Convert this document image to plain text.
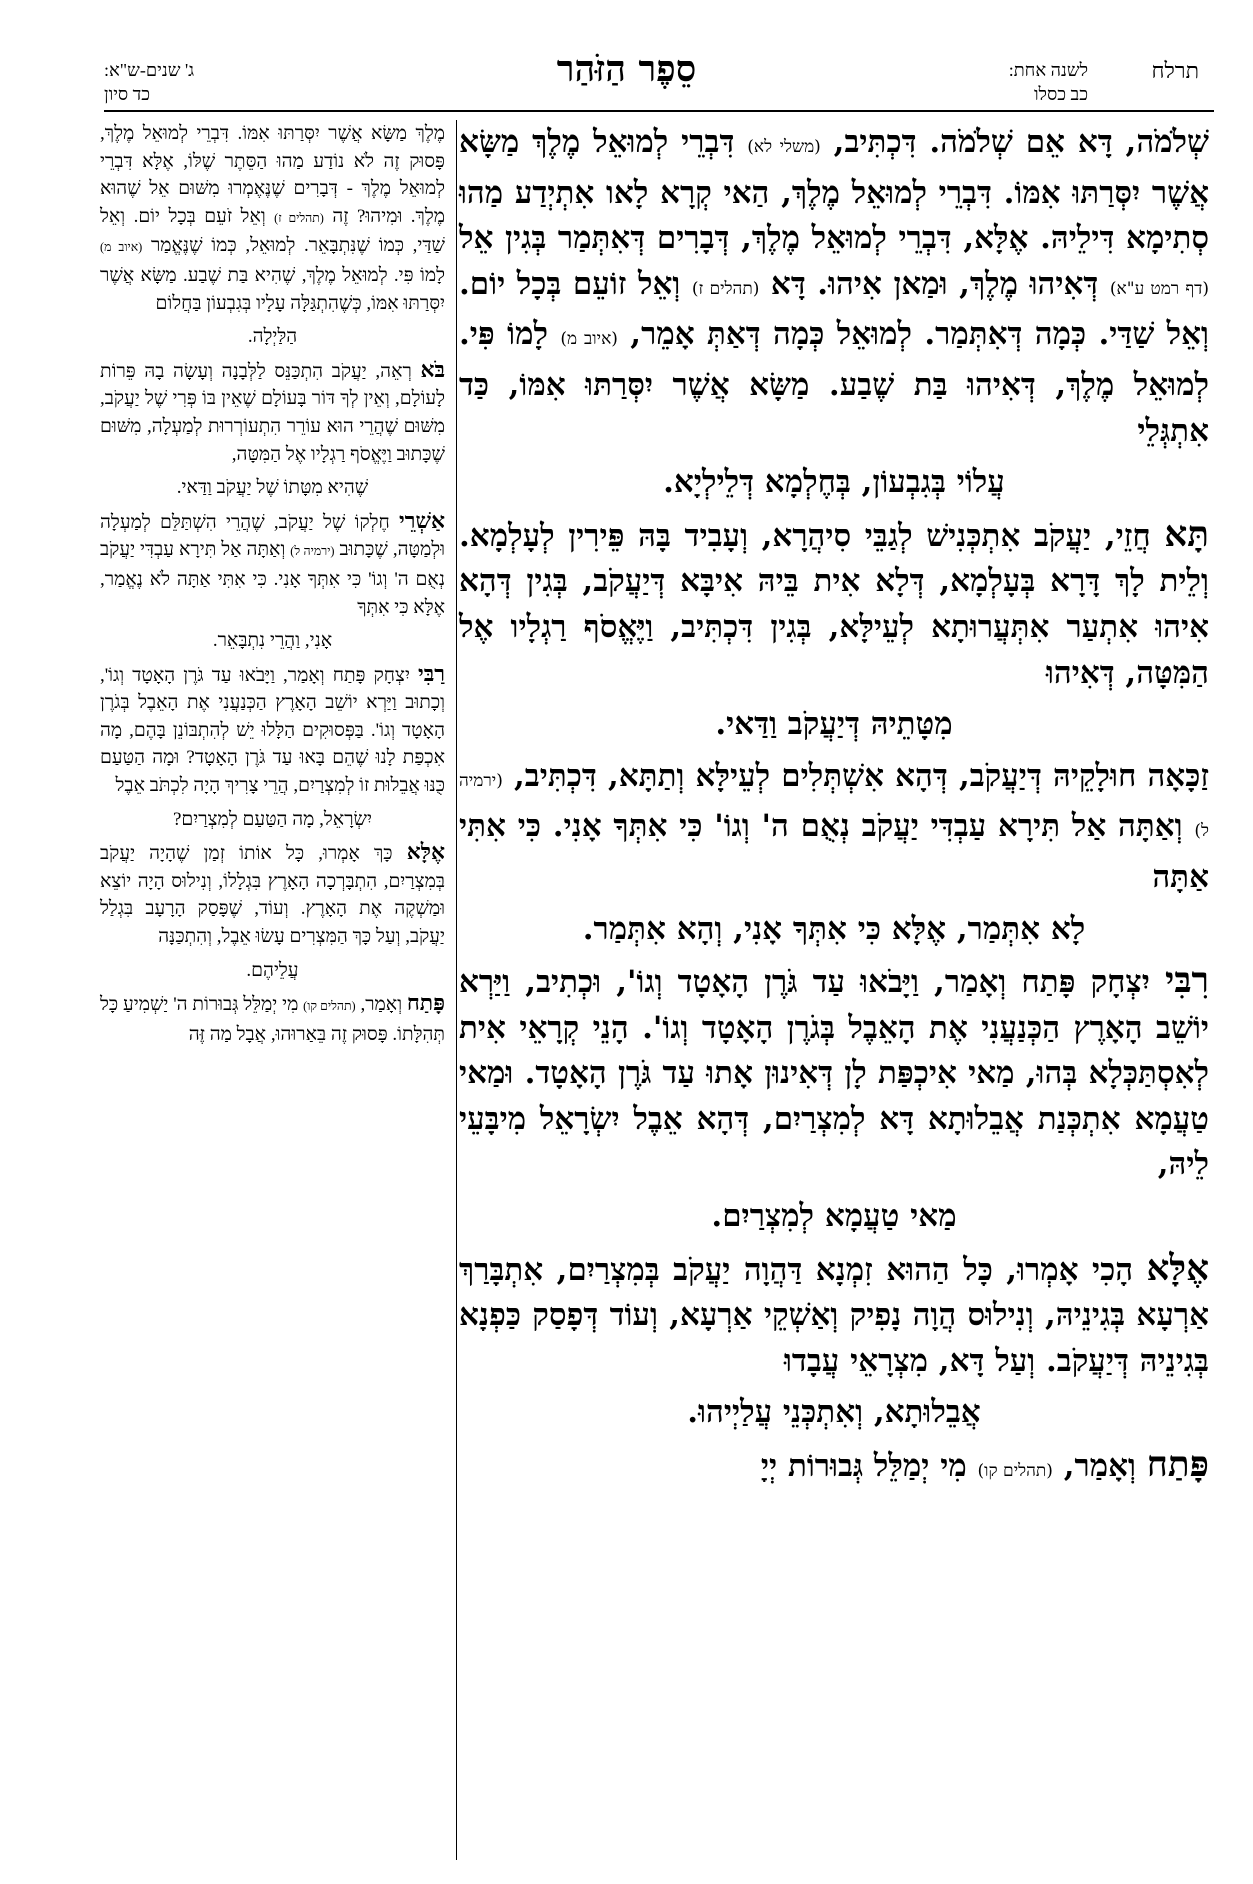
תרלח
לשנה אחת:
כב כסלו
סֵפֶר הַזֹּהַר
ג' שנים-ש"א:
כד סיון

שְׁלֹמֹה, דָּא אֵם שְׁלֹמֹה. דִּכְתִּיב, (משלי לא) דִּבְרֵי לְמוּאֵל מֶלֶךְ מַשָּׂא אֲשֶׁר יִסְּרַתּוּ אִמּוֹ. דִּבְרֵי לְמוּאֵל מֶלֶךְ, הַאי קְרָא לָאו אִתְיְדַע מַהוּ סְתִימָא דִּילֵיהּ. אֶלָּא, דִּבְרֵי לְמוּאֵל מֶלֶךְ, דְּבָרִים דְּאִתְּמַר בְּגִין אֵל (דף רמט ע"א) דְּאִיהוּ מֶלֶךְ, וּמַאן אִיהוּ. דָּא (תהלים ז) וְאֵל זוֹעֵם בְּכָל יוֹם. וְאֵל שַׁדַּי. כְּמָה דְּאִתְּמַר. לְמוּאֵל כְּמָה דְּאַתְּ אָמֵר, (איוב מ) לָמוֹ פִּי. לְמוּאֵל מֶלֶךְ, דְּאִיהוּ בַּת שֶׁבַע. מַשָּׂא אֲשֶׁר יִסְּרַתּוּ אִמּוֹ, כַּד אִתְגְּלֵי

עֲלוֹי בְּגִבְעוֹן, בְּחֶלְמָא דְּלֵילְיָא.

תָּא חֲזֵי, יַעֲקֹב אִתְכְּנִישׁ לְגַבֵּי סִיהֲרָא, וְעָבִיד בָּהּ פֵּירִין לְעָלְמָא. וְלֵית לָךְ דָּרָא בְּעָלְמָא, דְּלָא אִית בֵּיהּ אִיבָּא דְּיַעֲקֹב, בְּגִין דְּהָא אִיהוּ אִתְעַר אִתְּעֲרוּתָא לְעֵילָּא, בְּגִין דִּכְתִּיב, וַיֶּאֱסֹף רַגְלָיו אֶל הַמִּטָּה, דְּאִיהוּ

מִטָּתֵיהּ דְּיַעֲקֹב וַדַּאי.

זַכָּאָה חוּלָקֵיהּ דְּיַעֲקֹב, דְּהָא אִשְׁתְּלִים לְעֵילָּא וְתַתָּא, דִּכְתִּיב, (ירמיה ל) וְאַתָּה אַל תִּירָא עַבְדִּי יַעֲקֹב נְאֻם ה' וְגוֹ' כִּי אִתְּךָ אָנִי. כִּי אִתִּי אַתָּה

לָא אִתְּמַר, אֶלָּא כִּי אִתְּךָ אָנִי, וְהָא אִתְּמַר.

רִבִּי יִצְחָק פָּתַח וְאָמַר, וַיָּבֹאוּ עַד גֹּרֶן הָאָטָד וְגוֹ', וּכְתִיב, וַיַּרְא יוֹשֵׁב הָאָרֶץ הַכְּנַעֲנִי אֶת הָאֵבֶל בְּגֹרֶן הָאָטָד וְגוֹ'. הָנֵי קְרָאֵי אִית לְאִסְתַּכְּלָא בְּהוּ, מַאי אִיכְפַּת לָן דְּאִינוּן אָתוּ עַד גֹּרֶן הָאָטָד. וּמַאי טַעֲמָא אִתְכְּנַת אֲבֵלוּתָא דָּא לְמִצְרַיִם, דְּהָא אֵבֶל יִשְׂרָאֵל מִיבָּעֵי לֵיהּ,

מַאי טַעֲמָא לְמִצְרַיִם.

אֶלָּא הָכִי אָמְרוּ, כָּל הַהוּא זִמְנָא דַּהֲוָה יַעֲקֹב בְּמִצְרַיִם, אִתְבָּרַךְ אַרְעָא בְּגִינֵיהּ, וְנִילוּס הֲוָה נָפִיק וְאַשְׁקֵי אַרְעָא, וְעוֹד דְּפָסַק כַּפְנָא בְּגִינֵיהּ דְּיַעֲקֹב. וְעַל דָּא, מִצְרָאֵי עֲבָדוּ

אֲבֵלוּתָא, וְאִתְכְּנֵי עֲלַיְיהוּ.

פָּתַח וְאָמַר, (תהלים קו) מִי יְמַלֵּל גְּבוּרוֹת יְיָ

מֶלֶךְ מַשָּׂא אֲשֶׁר יִסְּרַתּוּ אִמּוֹ. דִּבְרֵי לְמוּאֵל מֶלֶךְ, פָּסוּק זֶה לֹא נוֹדַע מַהוּ הַסֵּתֶר שֶׁלּוֹ, אֶלָּא דִּבְרֵי לְמוּאֵל מֶלֶךְ - דְּבָרִים שֶׁנֶּאֶמְרוּ מִשּׁוּם אֵל שֶׁהוּא מֶלֶךְ. וּמִיהוּ? זֶה (תהלים ז) וְאֵל זֹעֵם בְּכָל יוֹם. וְאֵל שַׁדַּי, כְּמוֹ שֶׁנִּתְבָּאֵר. לְמוּאֵל, כְּמוֹ שֶׁנֶּאֱמַר (איוב מ) לָמוֹ פִּי. לְמוּאֵל מֶלֶךְ, שֶׁהִיא בַּת שֶׁבַע. מַשָּׂא אֲשֶׁר יִסְּרַתּוּ אִמּוֹ, כְּשֶׁהִתְגַּלָּה עָלָיו בְּגִבְעוֹן בַּחֲלוֹם

הַלַּיְלָה.

בֹּא רְאֵה, יַעֲקֹב הִתְכַּנֵּס לַלְּבָנָה וְעָשָׂה בָהּ פֵּרוֹת לָעוֹלָם, וְאֵין לְךָ דּוֹר בָּעוֹלָם שֶׁאֵין בּוֹ פְּרִי שֶׁל יַעֲקֹב, מִשּׁוּם שֶׁהֲרֵי הוּא עוֹרֵר הִתְעוֹרְרוּת לְמַעְלָה, מִשּׁוּם שֶׁכָּתוּב וַיֶּאֱסֹף רַגְלָיו אֶל הַמִּטָּה,

שֶׁהִיא מִטָּתוֹ שֶׁל יַעֲקֹב וַדַּאי.

אַשְׁרֵי חֶלְקוֹ שֶׁל יַעֲקֹב, שֶׁהֲרֵי הִשְׁתַּלֵּם לְמַעְלָה וּלְמַטָּה, שֶׁכָּתוּב (ירמיה ל) וְאַתָּה אַל תִּירָא עַבְדִּי יַעֲקֹב נְאֻם ה' וְגוֹ' כִּי אִתְּךָ אָנִי. כִּי אִתִּי אַתָּה לֹא נֶאֱמַר, אֶלָּא כִּי אִתְּךָ

אָנִי, וַהֲרֵי נִתְבָּאֵר.

רַבִּי יִצְחָק פָּתַח וְאָמַר, וַיָּבֹאוּ עַד גֹּרֶן הָאָטָד וְגוֹ', וְכָתוּב וַיַּרְא יוֹשֵׁב הָאָרֶץ הַכְּנַעֲנִי אֶת הָאֵבֶל בְּגֹרֶן הָאָטָד וְגוֹ'. בַּפְּסוּקִים הַלָּלוּ יֵשׁ לְהִתְבּוֹנֵן בָּהֶם, מָה אִכְפַּת לָנוּ שֶׁהֵם בָּאוּ עַד גֹּרֶן הָאָטָד? וּמָה הַטַּעַם כֻּנּוּ אֲבֵלוּת זוֹ לְמִצְרַיִם, הֲרֵי צָרִיךְ הָיָה לִכְתֹּב אֵבֶל

יִשְׂרָאֵל, מָה הַטַּעַם לְמִצְרַיִם?

אֶלָּא כָּךְ אָמְרוּ, כָּל אוֹתוֹ זְמַן שֶׁהָיָה יַעֲקֹב בְּמִצְרַיִם, הִתְבָּרְכָה הָאָרֶץ בִּגְלָלוֹ, וְנִילוּס הָיָה יוֹצֵא וּמַשְׁקֶה אֶת הָאָרֶץ. וְעוֹד, שֶׁפָּסַק הָרָעָב בִּגְלַל יַעֲקֹב, וְעַל כָּךְ הַמִּצְרִים עָשׂוּ אֵבֶל, וְהִתְכַּנָּה

עֲלֵיהֶם.

פָּתַח וְאָמַר, (תהלים קו) מִי יְמַלֵּל גְּבוּרוֹת ה' יַשְׁמִיעַ כָּל תְּהִלָּתוֹ. פָּסוּק זֶה בֵּאַרוּהוּ, אֲבָל מַה זֶּה
